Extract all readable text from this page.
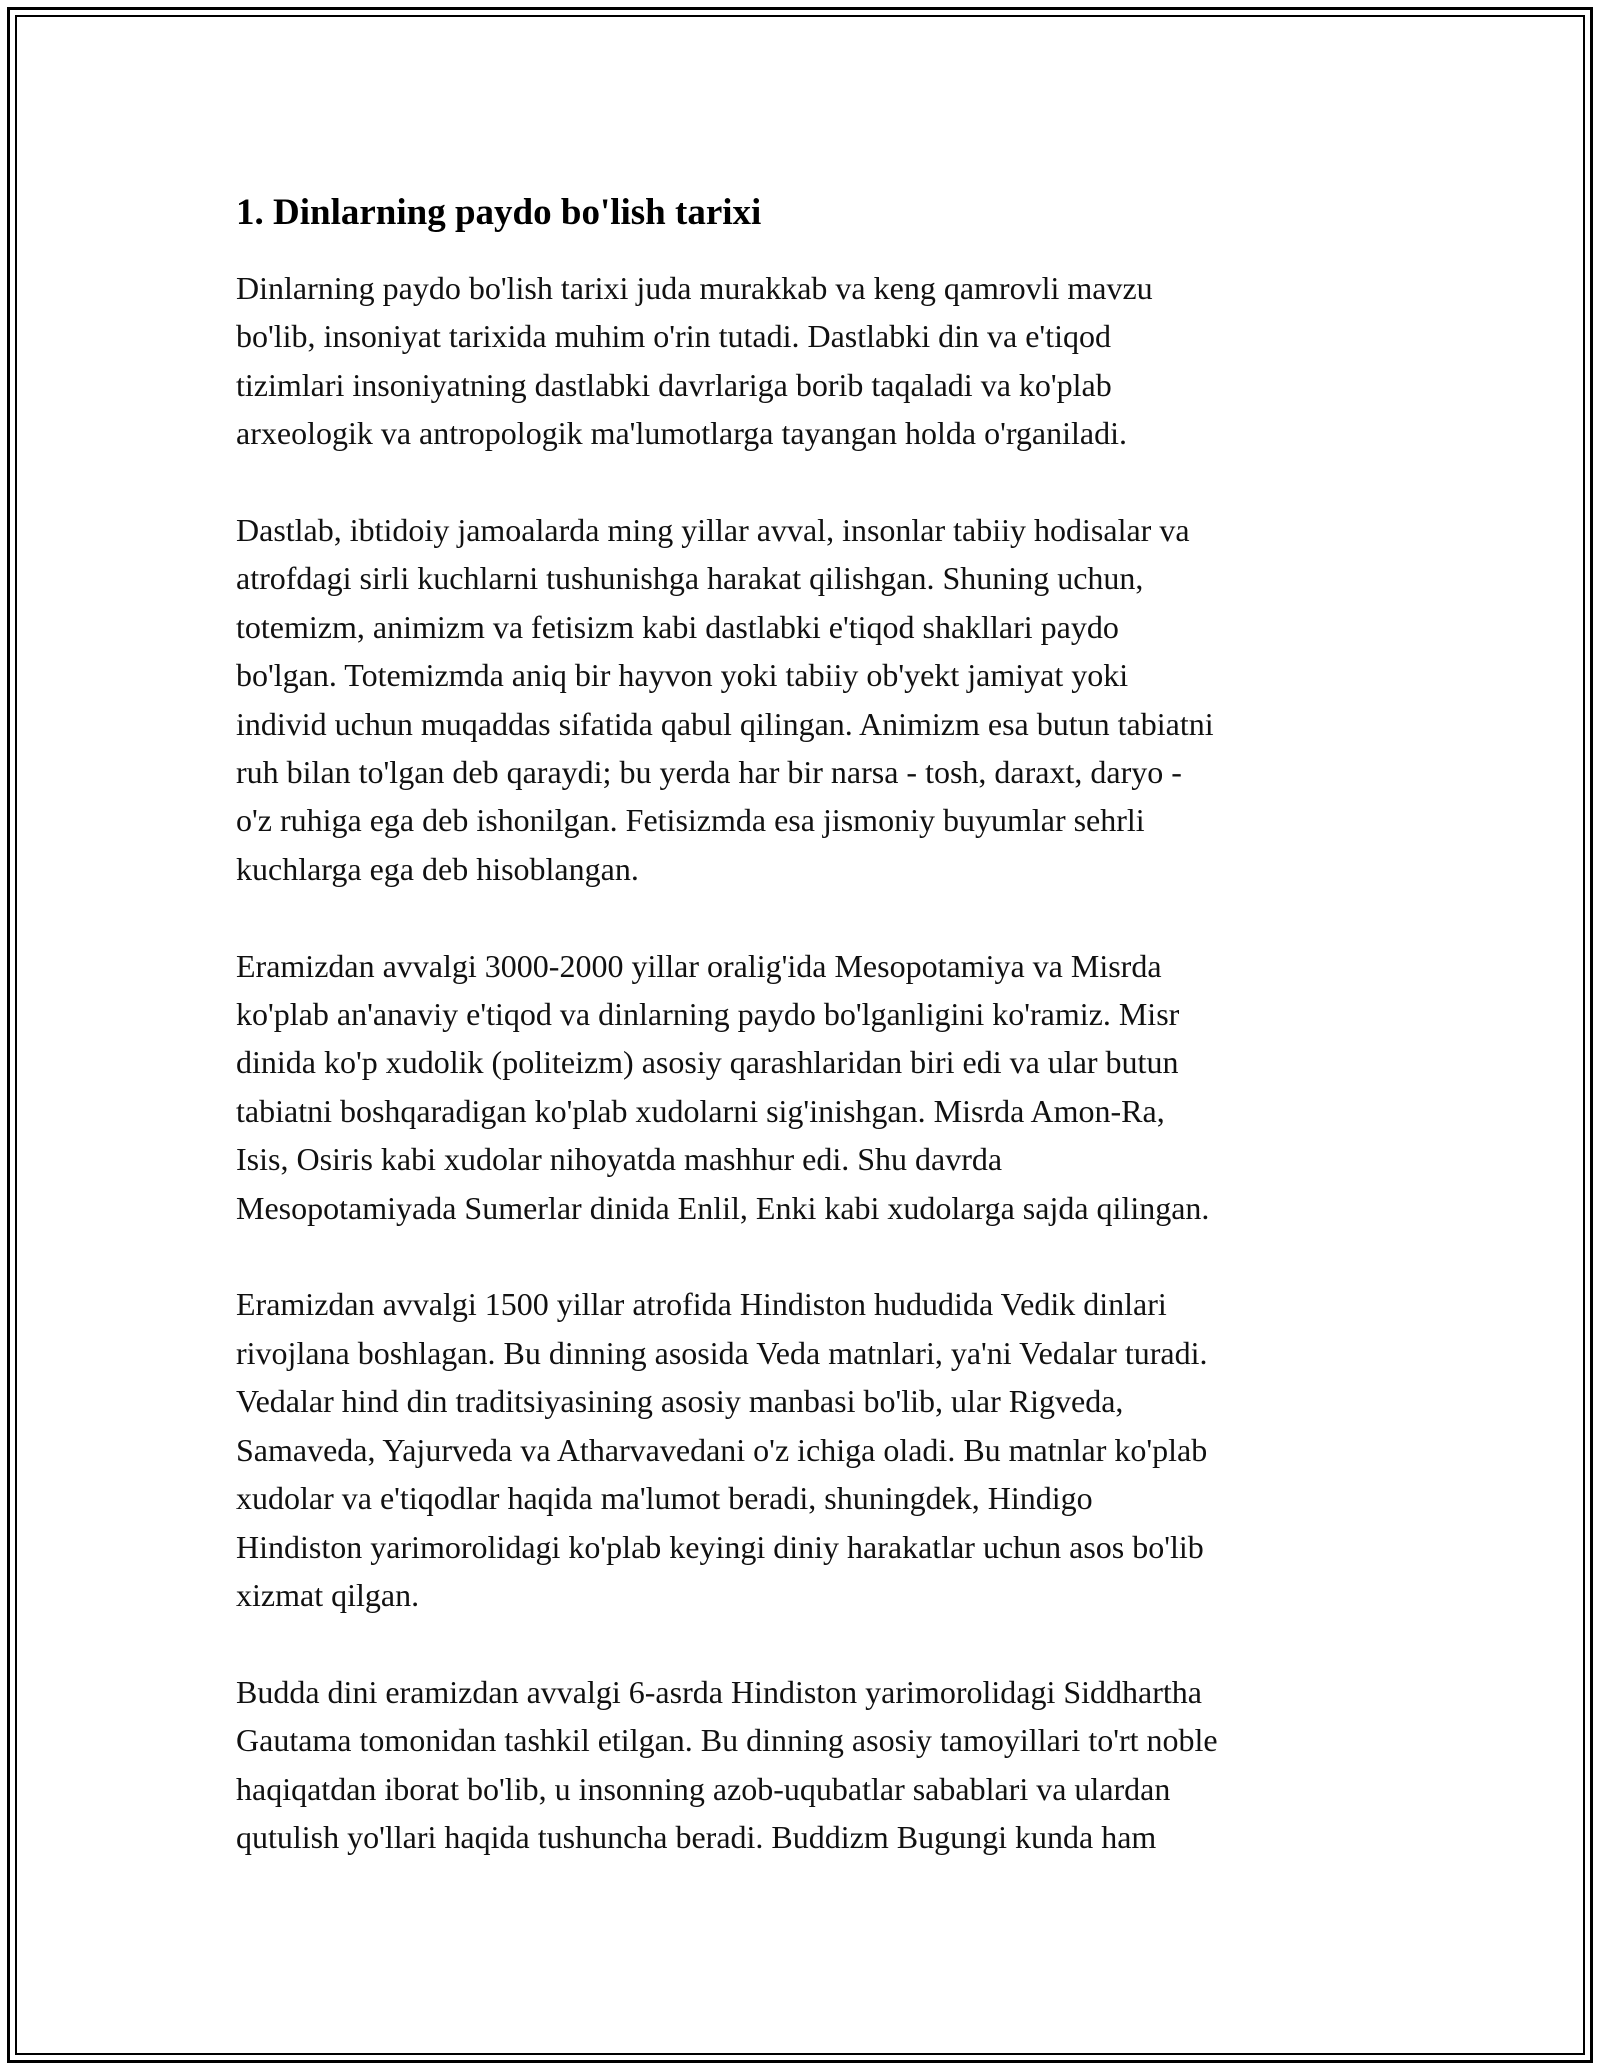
1. Dinlarning paydo bo'lish tarixi

Dinlarning paydo bo'lish tarixi juda murakkab va keng qamrovli mavzu
bo'lib, insoniyat tarixida muhim o'rin tutadi. Dastlabki din va e'tiqod
tizimlari insoniyatning dastlabki davrlariga borib taqaladi va ko'plab
arxeologik va antropologik ma'lumotlarga tayangan holda o'rganiladi.

Dastlab, ibtidoiy jamoalarda ming yillar avval, insonlar tabiiy hodisalar va
atrofdagi sirli kuchlarni tushunishga harakat qilishgan. Shuning uchun,
totemizm, animizm va fetisizm kabi dastlabki e'tiqod shakllari paydo
bo'lgan. Totemizmda aniq bir hayvon yoki tabiiy ob'yekt jamiyat yoki
individ uchun muqaddas sifatida qabul qilingan. Animizm esa butun tabiatni
ruh bilan to'lgan deb qaraydi; bu yerda har bir narsa - tosh, daraxt, daryo -
o'z ruhiga ega deb ishonilgan. Fetisizmda esa jismoniy buyumlar sehrli
kuchlarga ega deb hisoblangan.

Eramizdan avvalgi 3000-2000 yillar oralig'ida Mesopotamiya va Misrda
ko'plab an'anaviy e'tiqod va dinlarning paydo bo'lganligini ko'ramiz. Misr
dinida ko'p xudolik (politeizm) asosiy qarashlaridan biri edi va ular butun
tabiatni boshqaradigan ko'plab xudolarni sig'inishgan. Misrda Amon-Ra,
Isis, Osiris kabi xudolar nihoyatda mashhur edi. Shu davrda
Mesopotamiyada Sumerlar dinida Enlil, Enki kabi xudolarga sajda qilingan.

Eramizdan avvalgi 1500 yillar atrofida Hindiston hududida Vedik dinlari
rivojlana boshlagan. Bu dinning asosida Veda matnlari, ya'ni Vedalar turadi.
Vedalar hind din traditsiyasining asosiy manbasi bo'lib, ular Rigveda,
Samaveda, Yajurveda va Atharvavedani o'z ichiga oladi. Bu matnlar ko'plab
xudolar va e'tiqodlar haqida ma'lumot beradi, shuningdek, Hindigo
Hindiston yarimorolidagi ko'plab keyingi diniy harakatlar uchun asos bo'lib
xizmat qilgan.

Budda dini eramizdan avvalgi 6-asrda Hindiston yarimorolidagi Siddhartha
Gautama tomonidan tashkil etilgan. Bu dinning asosiy tamoyillari to'rt noble
haqiqatdan iborat bo'lib, u insonning azob-uqubatlar sabablari va ulardan
qutulish yo'llari haqida tushuncha beradi. Buddizm Bugungi kunda ham
